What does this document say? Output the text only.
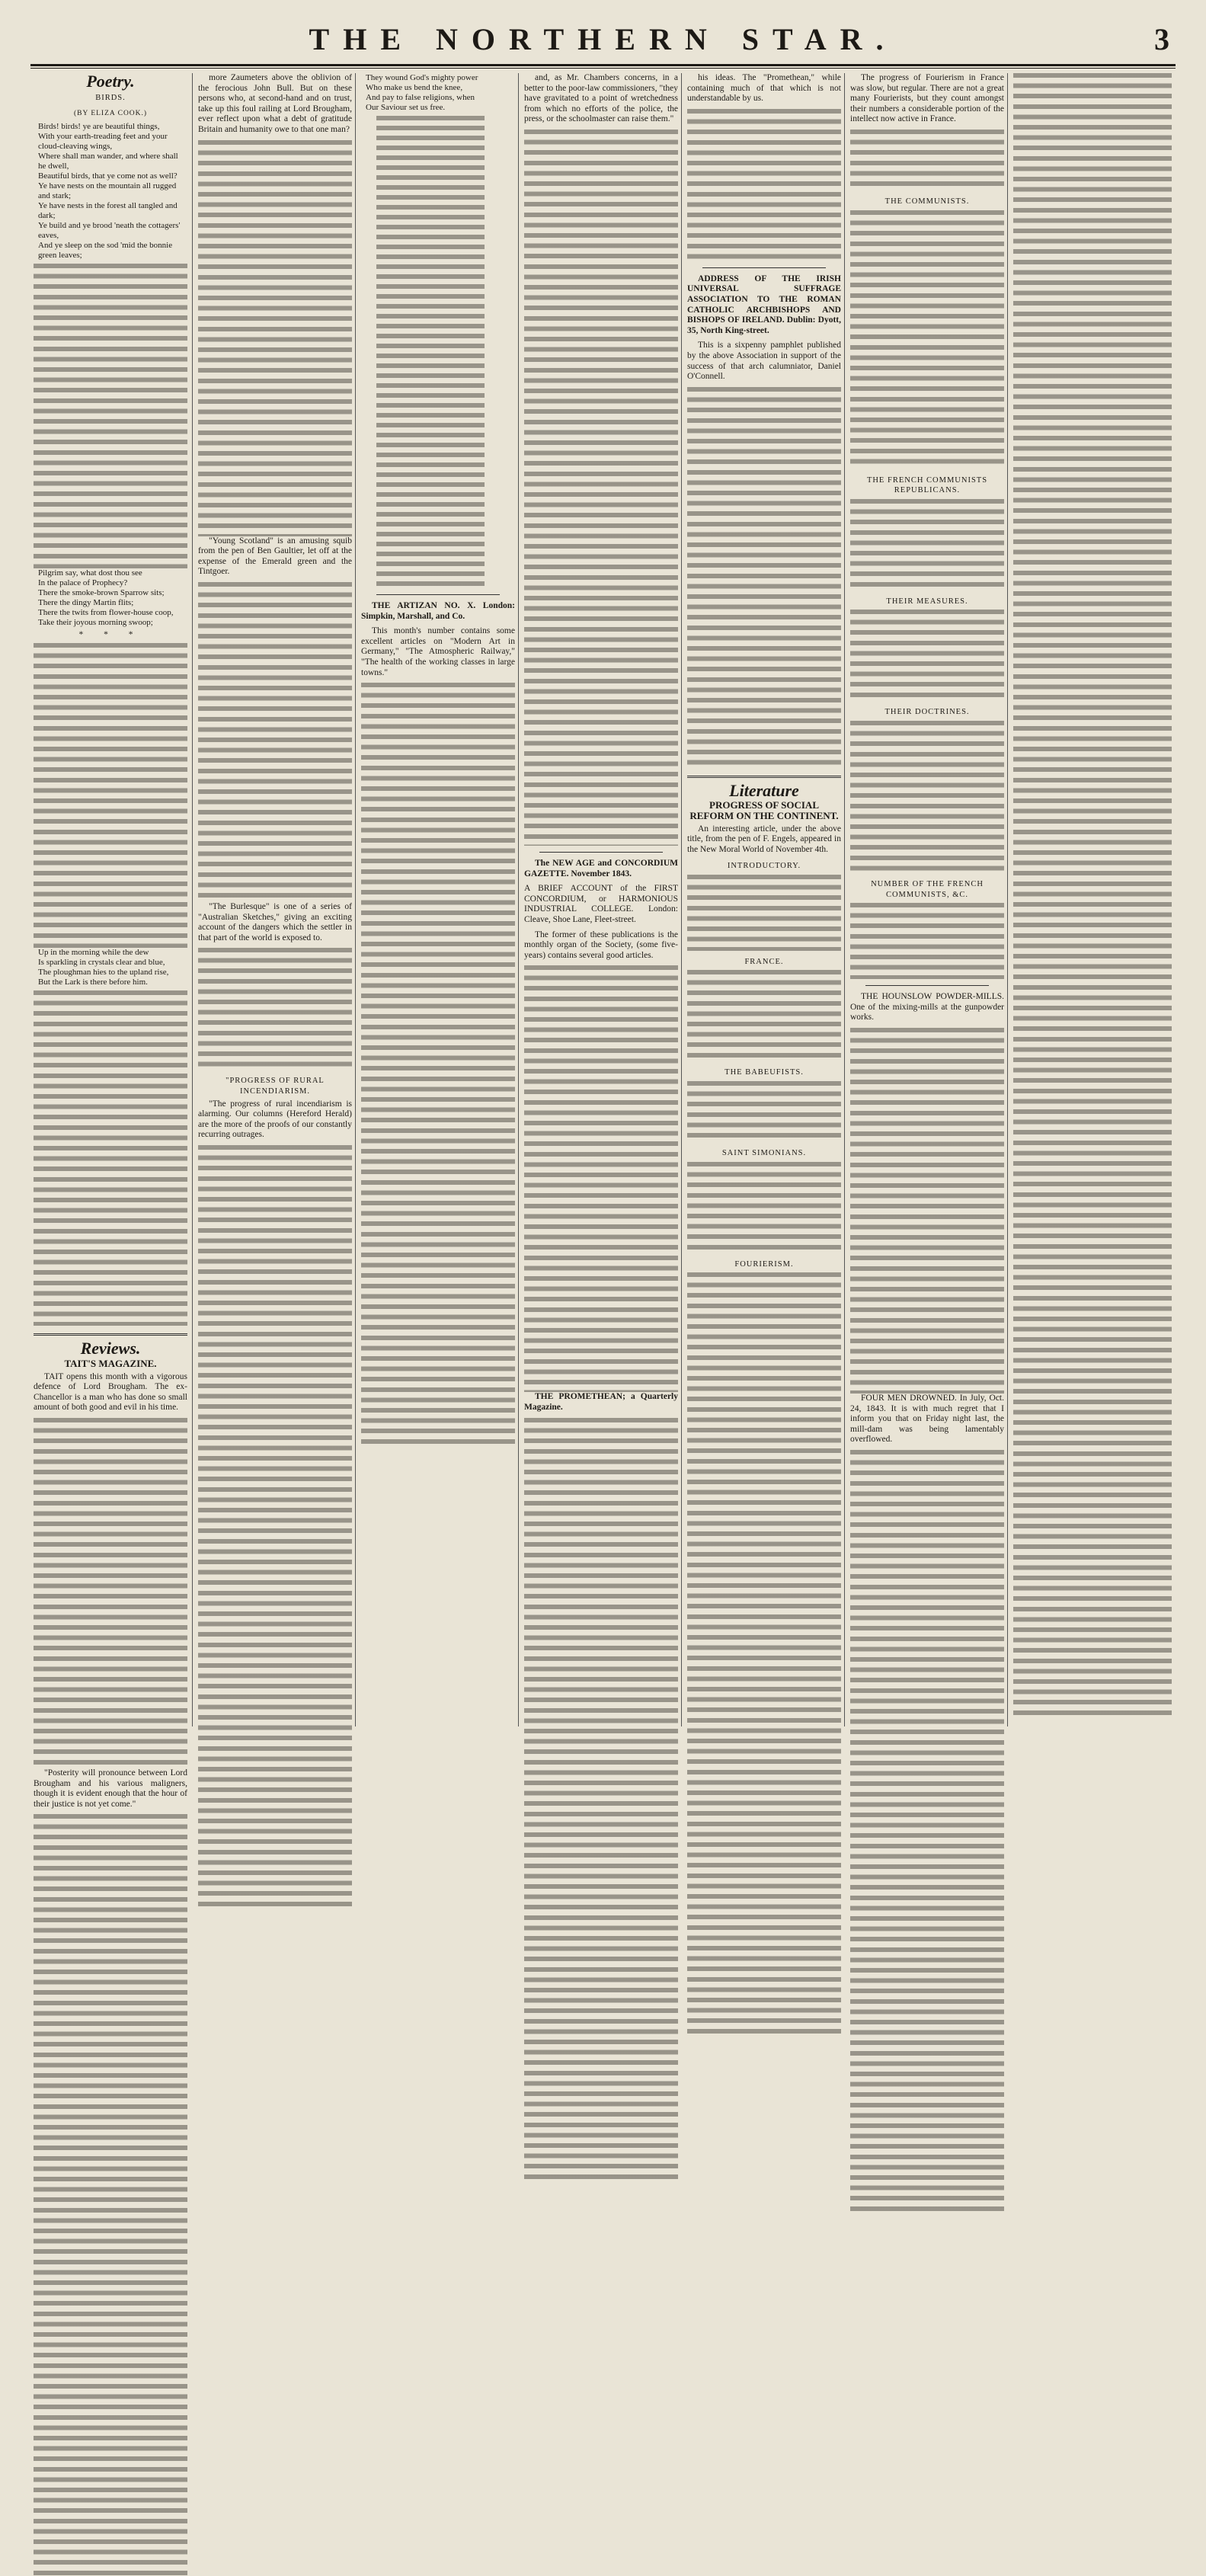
THE NORTHERN STAR.	3
Poetry.
BIRDS.
(BY ELIZA COOK.)
Birds! birds! ye are beautiful things,
With your earth-treading feet and your cloud-cleaving wings,
Where shall man wander, and where shall he dwell,
Beautiful birds, that ye come not as well?
Ye have nests on the mountain all rugged and stark;
Ye have nests in the forest all tangled and dark;
Ye build and ye brood 'neath the cottagers' eaves,
And ye sleep on the sod 'mid the bonnie green leaves;
Pilgrim say, what dost thou see
In the palace of Prophecy?
There the smoke-brown Sparrow sits;
There the dingy Martin flits;
There the twits from flower-house coop,
Take their joyous morning swoop;
* * *
Up in the morning while the dew
Is sparkling in crystals clear and blue,
The ploughman hies to the upland rise,
But the Lark is there before him.
Reviews.
TAIT'S MAGAZINE.

TAIT opens this month with a vigorous defence of Lord Brougham. The ex-Chancellor is a man who has done so small amount of both good and evil in his time.

"Posterity will pronounce between Lord Brougham and his various maligners, though it is evident enough that the hour of their justice is not yet come."

more Zaumeters above the oblivion of the ferocious John Bull. But on these persons who, at second-hand and on trust, take up this foul railing at Lord Brougham, ever reflect upon what a debt of gratitude Britain and humanity owe to that one man?

"Young Scotland" is an amusing squib from the pen of Ben Gaultier, let off at the expense of the Emerald green and the Tintgoer.

"The Burlesque" is one of a series of "Australian Sketches," giving an exciting account of the dangers which the settler in that part of the world is exposed to.

"PROGRESS OF RURAL INCENDIARISM.

"The progress of rural incendiarism is alarming. Our columns (Hereford Herald) are the more of the proofs of our constantly recurring outrages.

They wound God's mighty power
Who make us bend the knee,
And pay to false religions, when
Our Saviour set us free.

THE ARTIZAN NO. X. London: Simpkin, Marshall, and Co.

This month's number contains some excellent articles on "Modern Art in Germany," "The Atmospheric Railway," "The health of the working classes in large towns."

and, as Mr. Chambers concerns, in a better to the poor-law commissioners, "they have gravitated to a point of wretchedness from which no efforts of the police, the press, or the schoolmaster can raise them."

The NEW AGE and CONCORDIUM GAZETTE. November 1843.

A BRIEF ACCOUNT of the FIRST CONCORDIUM, or HARMONIOUS INDUSTRIAL COLLEGE. London: Cleave, Shoe Lane, Fleet-street.

The former of these publications is the monthly organ of the Society, (some five-years) contains several good articles.

THE PROMETHEAN; a Quarterly Magazine.

his ideas. The "Promethean," while containing much of that which is not understandable by us.

ADDRESS OF THE IRISH UNIVERSAL SUFFRAGE ASSOCIATION TO THE ROMAN CATHOLIC ARCHBISHOPS AND BISHOPS OF IRELAND. Dublin: Dyott, 35, North King-street.

This is a sixpenny pamphlet published by the above Association in support of the success of that arch calumniator, Daniel O'Connell.

Literature
PROGRESS OF SOCIAL REFORM ON THE CONTINENT.

An interesting article, under the above title, from the pen of F. Engels, appeared in the New Moral World of November 4th.

INTRODUCTORY.
FRANCE.
THE BABEUFISTS.
SAINT SIMONIANS.
FOURIERISM.

The progress of Fourierism in France was slow, but regular. There are not a great many Fourierists, but they count amongst their numbers a considerable portion of the intellect now active in France.

THE COMMUNISTS.
THE FRENCH COMMUNISTS REPUBLICANS.
THEIR MEASURES.
THEIR DOCTRINES.
NUMBER OF THE FRENCH COMMUNISTS, &C.

THE HOUNSLOW POWDER-MILLS. One of the mixing-mills at the gunpowder works.

FOUR MEN DROWNED. In July, Oct. 24, 1843. It is with much regret that I inform you that on Friday night last, the mill-dam was being lamentably overflowed.
